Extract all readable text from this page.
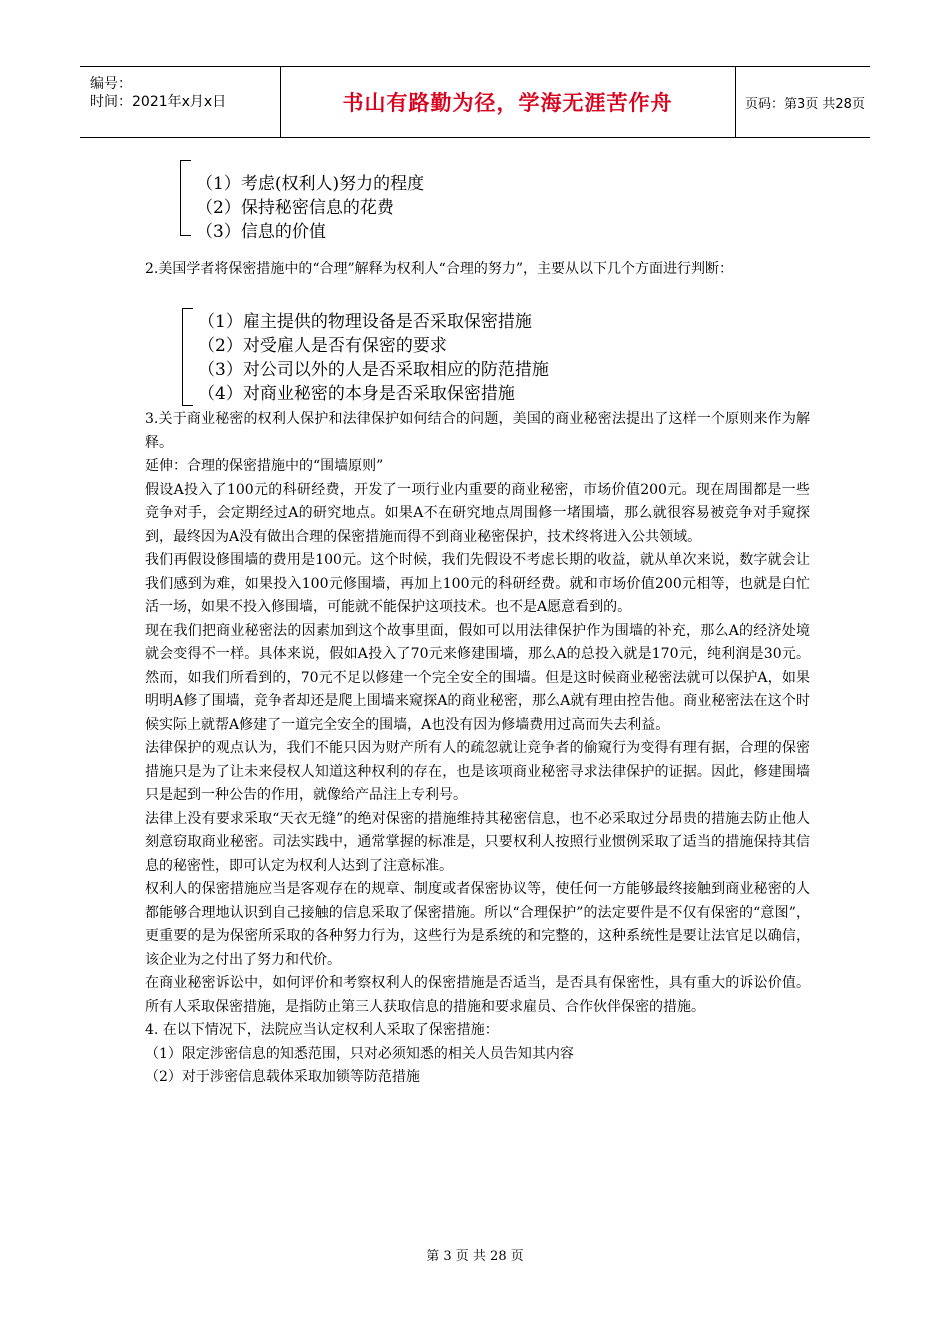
编号：
时间：2021年x月x日	书山有路勤为径，学海无涯苦作舟	页码：第3页 共28页
（1）考虑(权利人)努力的程度
（2）保持秘密信息的花费
（3）信息的价值

2.美国学者将保密措施中的“合理”解释为权利人“合理的努力”，主要从以下几个方面进行判断：

（1）雇主提供的物理设备是否采取保密措施
（2）对受雇人是否有保密的要求
（3）对公司以外的人是否采取相应的防范措施
（4）对商业秘密的本身是否采取保密措施

3.关于商业秘密的权利人保护和法律保护如何结合的问题，美国的商业秘密法提出了这样一个原则来作为解释。

延伸：合理的保密措施中的“围墙原则”

假设A投入了100元的科研经费，开发了一项行业内重要的商业秘密，市场价值200元。现在周围都是一些竞争对手，会定期经过A的研究地点。如果A不在研究地点周围修一堵围墙，那么就很容易被竞争对手窥探到，最终因为A没有做出合理的保密措施而得不到商业秘密保护，技术终将进入公共领域。

我们再假设修围墙的费用是100元。这个时候，我们先假设不考虑长期的收益，就从单次来说，数字就会让我们感到为难，如果投入100元修围墙，再加上100元的科研经费。就和市场价值200元相等，也就是白忙活一场，如果不投入修围墙，可能就不能保护这项技术。也不是A愿意看到的。

现在我们把商业秘密法的因素加到这个故事里面，假如可以用法律保护作为围墙的补充，那么A的经济处境就会变得不一样。具体来说，假如A投入了70元来修建围墙，那么A的总投入就是170元，纯利润是30元。然而，如我们所看到的，70元不足以修建一个完全安全的围墙。但是这时候商业秘密法就可以保护A，如果明明A修了围墙，竞争者却还是爬上围墙来窥探A的商业秘密，那么A就有理由控告他。商业秘密法在这个时候实际上就帮A修建了一道完全安全的围墙，A也没有因为修墙费用过高而失去利益。

法律保护的观点认为，我们不能只因为财产所有人的疏忽就让竞争者的偷窥行为变得有理有据，合理的保密措施只是为了让未来侵权人知道这种权利的存在，也是该项商业秘密寻求法律保护的证据。因此，修建围墙只是起到一种公告的作用，就像给产品注上专利号。

法律上没有要求采取“天衣无缝”的绝对保密的措施维持其秘密信息，也不必采取过分昂贵的措施去防止他人刻意窃取商业秘密。司法实践中，通常掌握的标准是，只要权利人按照行业惯例采取了适当的措施保持其信息的秘密性，即可认定为权利人达到了注意标准。

权利人的保密措施应当是客观存在的规章、制度或者保密协议等，使任何一方能够最终接触到商业秘密的人都能够合理地认识到自己接触的信息采取了保密措施。所以“合理保护”的法定要件是不仅有保密的“意图”，更重要的是为保密所采取的各种努力行为，这些行为是系统的和完整的，这种系统性是要让法官足以确信，该企业为之付出了努力和代价。

在商业秘密诉讼中，如何评价和考察权利人的保密措施是否适当，是否具有保密性，具有重大的诉讼价值。所有人采取保密措施，是指防止第三人获取信息的措施和要求雇员、合作伙伴保密的措施。

4. 在以下情况下，法院应当认定权利人采取了保密措施：

（1）限定涉密信息的知悉范围，只对必须知悉的相关人员告知其内容

（2）对于涉密信息载体采取加锁等防范措施

第 3 页 共 28 页
